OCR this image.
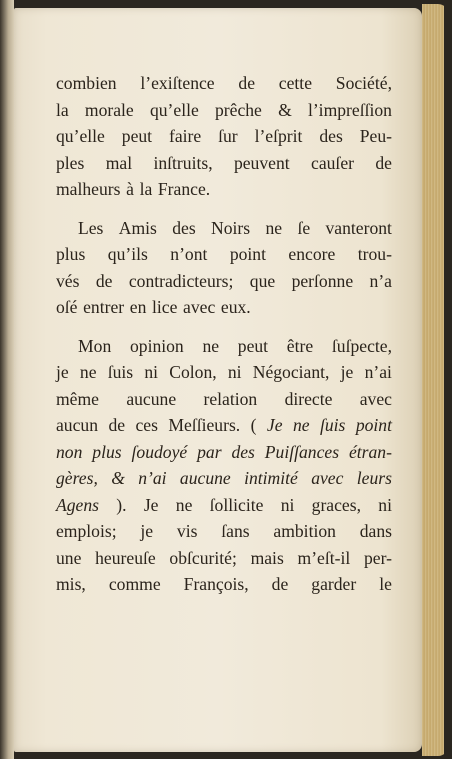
combien l’exiſtence de cette Société,
la morale qu’elle prêche & l’impreſſion
qu’elle peut faire ſur l’eſprit des Peu-
ples mal inſtruits, peuvent cauſer de
malheurs à la France.
Les Amis des Noirs ne ſe vanteront
plus qu’ils n’ont point encore trou-
vés de contradicteurs; que perſonne n’a
oſé entrer en lice avec eux.
Mon opinion ne peut être ſuſpecte,
je ne ſuis ni Colon, ni Négociant, je n’ai
même aucune relation directe avec
aucun de ces Meſſieurs. ( Je ne ſuis point
non plus ſoudoyé par des Puiſſances étran-
gères, & n’ai aucune intimité avec leurs
Agens ). Je ne ſollicite ni graces, ni
emplois; je vis ſans ambition dans
une heureuſe obſcurité; mais m’eſt-il per-
mis, comme François, de garder le
